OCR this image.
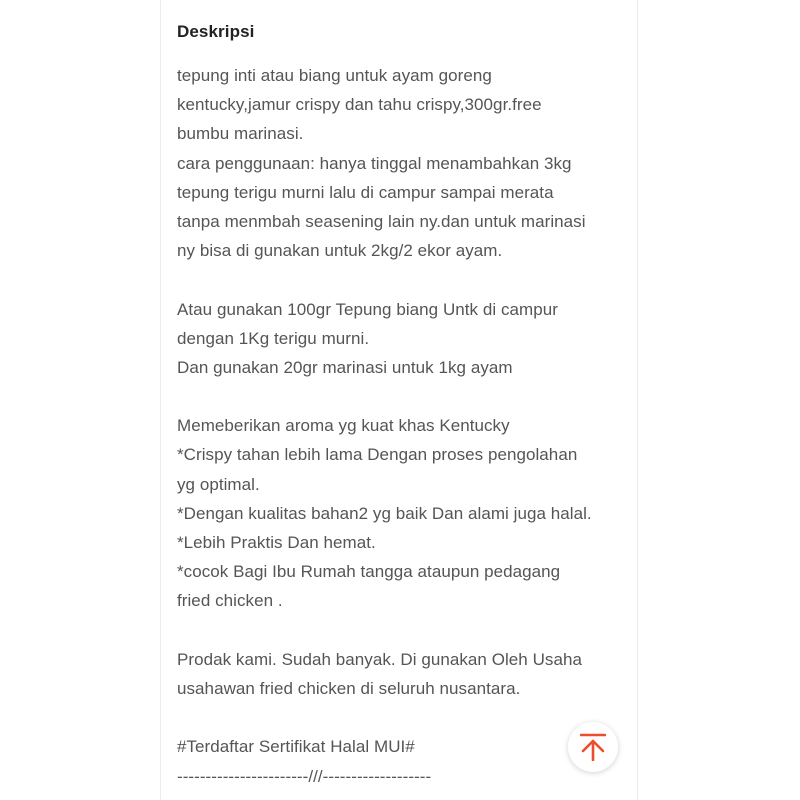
Deskripsi
tepung inti atau biang untuk ayam goreng
kentucky,jamur crispy dan tahu crispy,300gr.free
bumbu marinasi.
cara penggunaan: hanya tinggal menambahkan 3kg
tepung terigu murni lalu di campur sampai merata
tanpa menmbah seasening lain ny.dan untuk marinasi
ny bisa di gunakan untuk 2kg/2 ekor ayam.
Atau gunakan 100gr Tepung biang Untk di campur
dengan 1Kg terigu murni.
Dan gunakan 20gr marinasi untuk 1kg ayam
Memeberikan aroma yg kuat khas Kentucky
*Crispy tahan lebih lama Dengan proses pengolahan
yg optimal.
*Dengan kualitas bahan2 yg baik Dan alami juga halal.
*Lebih Praktis Dan hemat.
*cocok Bagi Ibu Rumah tangga ataupun pedagang
fried chicken .
Prodak kami. Sudah banyak. Di gunakan Oleh Usaha
usahawan fried chicken di seluruh nusantara.
#Terdaftar Sertifikat Halal MUI#
-----------------------///-------------------
